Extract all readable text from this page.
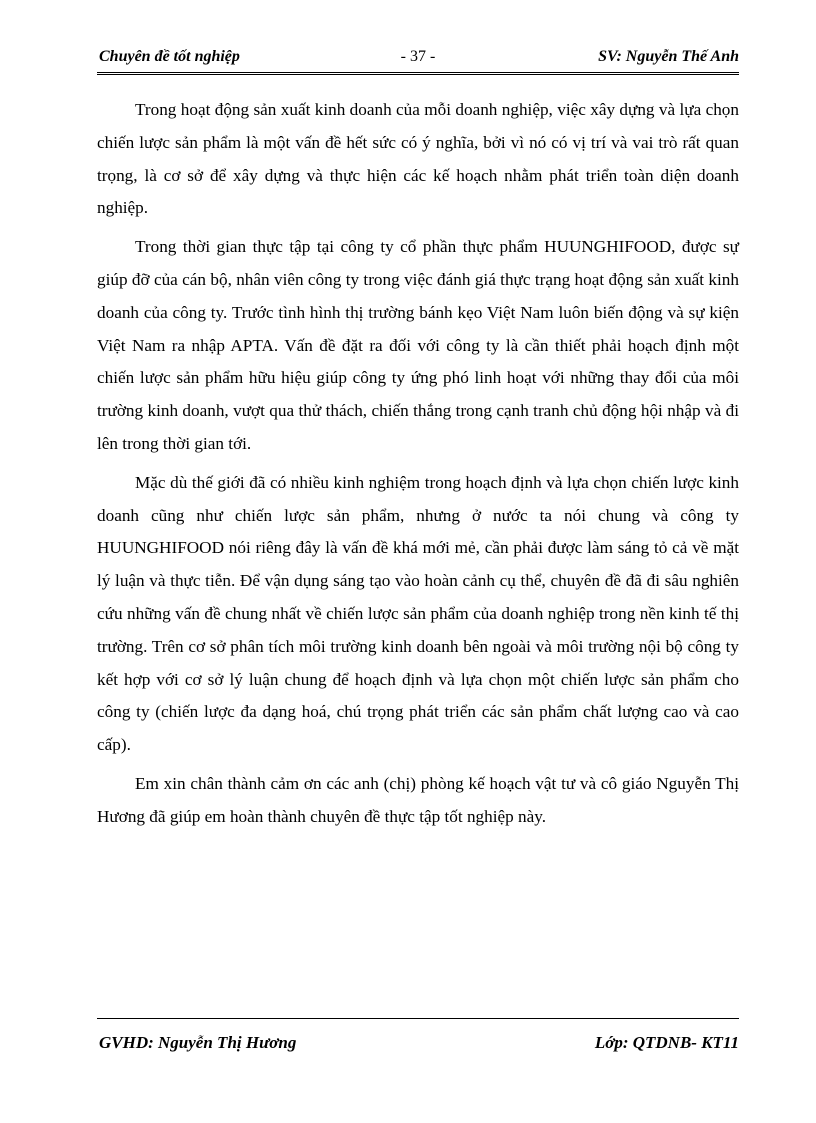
Chuyên đề tốt nghiệp	- 37 -	SV: Nguyễn Thế Anh

Trong hoạt động sản xuất kinh doanh của mỗi doanh nghiệp, việc xây dựng và lựa chọn chiến lược sản phẩm là một vấn đề hết sức có ý nghĩa, bởi vì nó có vị trí và vai trò rất quan trọng, là cơ sở để xây dựng và thực hiện các kế hoạch nhằm phát triển toàn diện doanh nghiệp.

Trong thời gian thực tập tại công ty cổ phần thực phẩm HUUNGHIFOOD, được sự giúp đỡ của cán bộ, nhân viên công ty trong việc đánh giá thực trạng hoạt động sản xuất kinh doanh của công ty. Trước tình hình thị trường bánh kẹo Việt Nam luôn biến động và sự kiện Việt Nam ra nhập APTA. Vấn đề đặt ra đối với công ty là cần thiết phải hoạch định một chiến lược sản phẩm hữu hiệu giúp công ty ứng phó linh hoạt với những thay đổi của môi trường kinh doanh, vượt qua thử thách, chiến thắng trong cạnh tranh chủ động hội nhập và đi lên trong thời gian tới.

Mặc dù thế giới đã có nhiều kinh nghiệm trong hoạch định và lựa chọn chiến lược kinh doanh cũng như chiến lược sản phẩm, nhưng ở nước ta nói chung và công ty HUUNGHIFOOD nói riêng đây là vấn đề khá mới mẻ, cần phải được làm sáng tỏ cả về mặt lý luận và thực tiễn. Để vận dụng sáng tạo vào hoàn cảnh cụ thể, chuyên đề đã đi sâu nghiên cứu những vấn đề chung nhất về chiến lược sản phẩm của doanh nghiệp trong nền kinh tế thị trường. Trên cơ sở phân tích môi trường kinh doanh bên ngoài và môi trường nội bộ công ty kết hợp với cơ sở lý luận chung để hoạch định và lựa chọn một chiến lược sản phẩm cho công ty (chiến lược đa dạng hoá, chú trọng phát triển các sản phẩm chất lượng cao và cao cấp).

Em xin chân thành cảm ơn các anh (chị) phòng kế hoạch vật tư và cô giáo Nguyễn Thị Hương đã giúp em hoàn thành chuyên đề thực tập tốt nghiệp này.

GVHD: Nguyễn Thị Hương	Lớp: QTDNB- KT11
